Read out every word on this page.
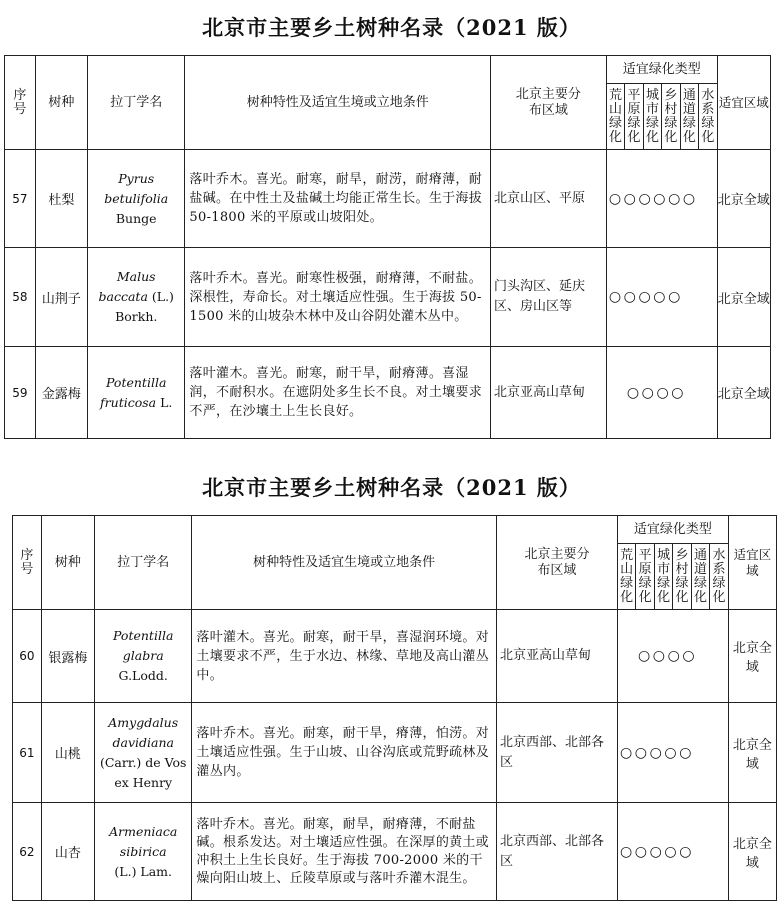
北京市主要乡土树种名录（2021 版）
序号	树种	拉丁学名	树种特性及适宜生境或立地条件	北京主要分布区域	适宜绿化类型						适宜区域

					荒山绿化	平原绿化	城市绿化	乡村绿化	通道绿化	水系绿化	

57	杜梨	Pyrus
betulifolia
Bunge	落叶乔木。喜光。耐寒，耐旱，耐涝，耐瘠薄，耐盐碱。在中性土及盐碱土均能正常生长。生于海拔 50-1800 米的平原或山坡阳处。	北京山区、平原	○○○○○○						北京全域
58	山荆子	Malus
baccata (L.) Borkh.	落叶乔木。喜光。耐寒性极强，耐瘠薄，不耐盐。深根性，寿命长。对土壤适应性强。生于海拔 50-1500 米的山坡杂木林中及山谷阴处灌木丛中。	门头沟区、延庆区、房山区等	○○○○○						北京全域
59	金露梅	Potentilla
fruticosa L.	落叶灌木。喜光。耐寒，耐干旱，耐瘠薄。喜湿润，不耐积水。在遮阴处多生长不良。对土壤要求不严，在沙壤土上生长良好。	北京亚高山草甸	○○○○						北京全域
北京市主要乡土树种名录（2021 版）
序号	树种	拉丁学名	树种特性及适宜生境或立地条件	北京主要分布区域	适宜绿化类型						适宜区域

					荒山绿化	平原绿化	城市绿化	乡村绿化	通道绿化	水系绿化	

60	银露梅	Potentilla
glabra
G.Lodd.	落叶灌木。喜光。耐寒，耐干旱，喜湿润环境。对土壤要求不严，生于水边、林缘、草地及高山灌丛中。	北京亚高山草甸	○○○○						北京全域
61	山桃	Amygdalus
davidiana (Carr.) de Vos ex Henry	落叶乔木。喜光。耐寒，耐干旱，瘠薄，怕涝。对土壤适应性强。生于山坡、山谷沟底或荒野疏林及灌丛内。	北京西部、北部各区	○○○○○						北京全域
62	山杏	Armeniaca
sibirica
(L.) Lam.	落叶乔木。喜光。耐寒，耐旱，耐瘠薄，不耐盐碱。根系发达。对土壤适应性强。在深厚的黄土或冲积土上生长良好。生于海拔 700-2000 米的干燥向阳山坡上、丘陵草原或与落叶乔灌木混生。	北京西部、北部各区	○○○○○						北京全域
